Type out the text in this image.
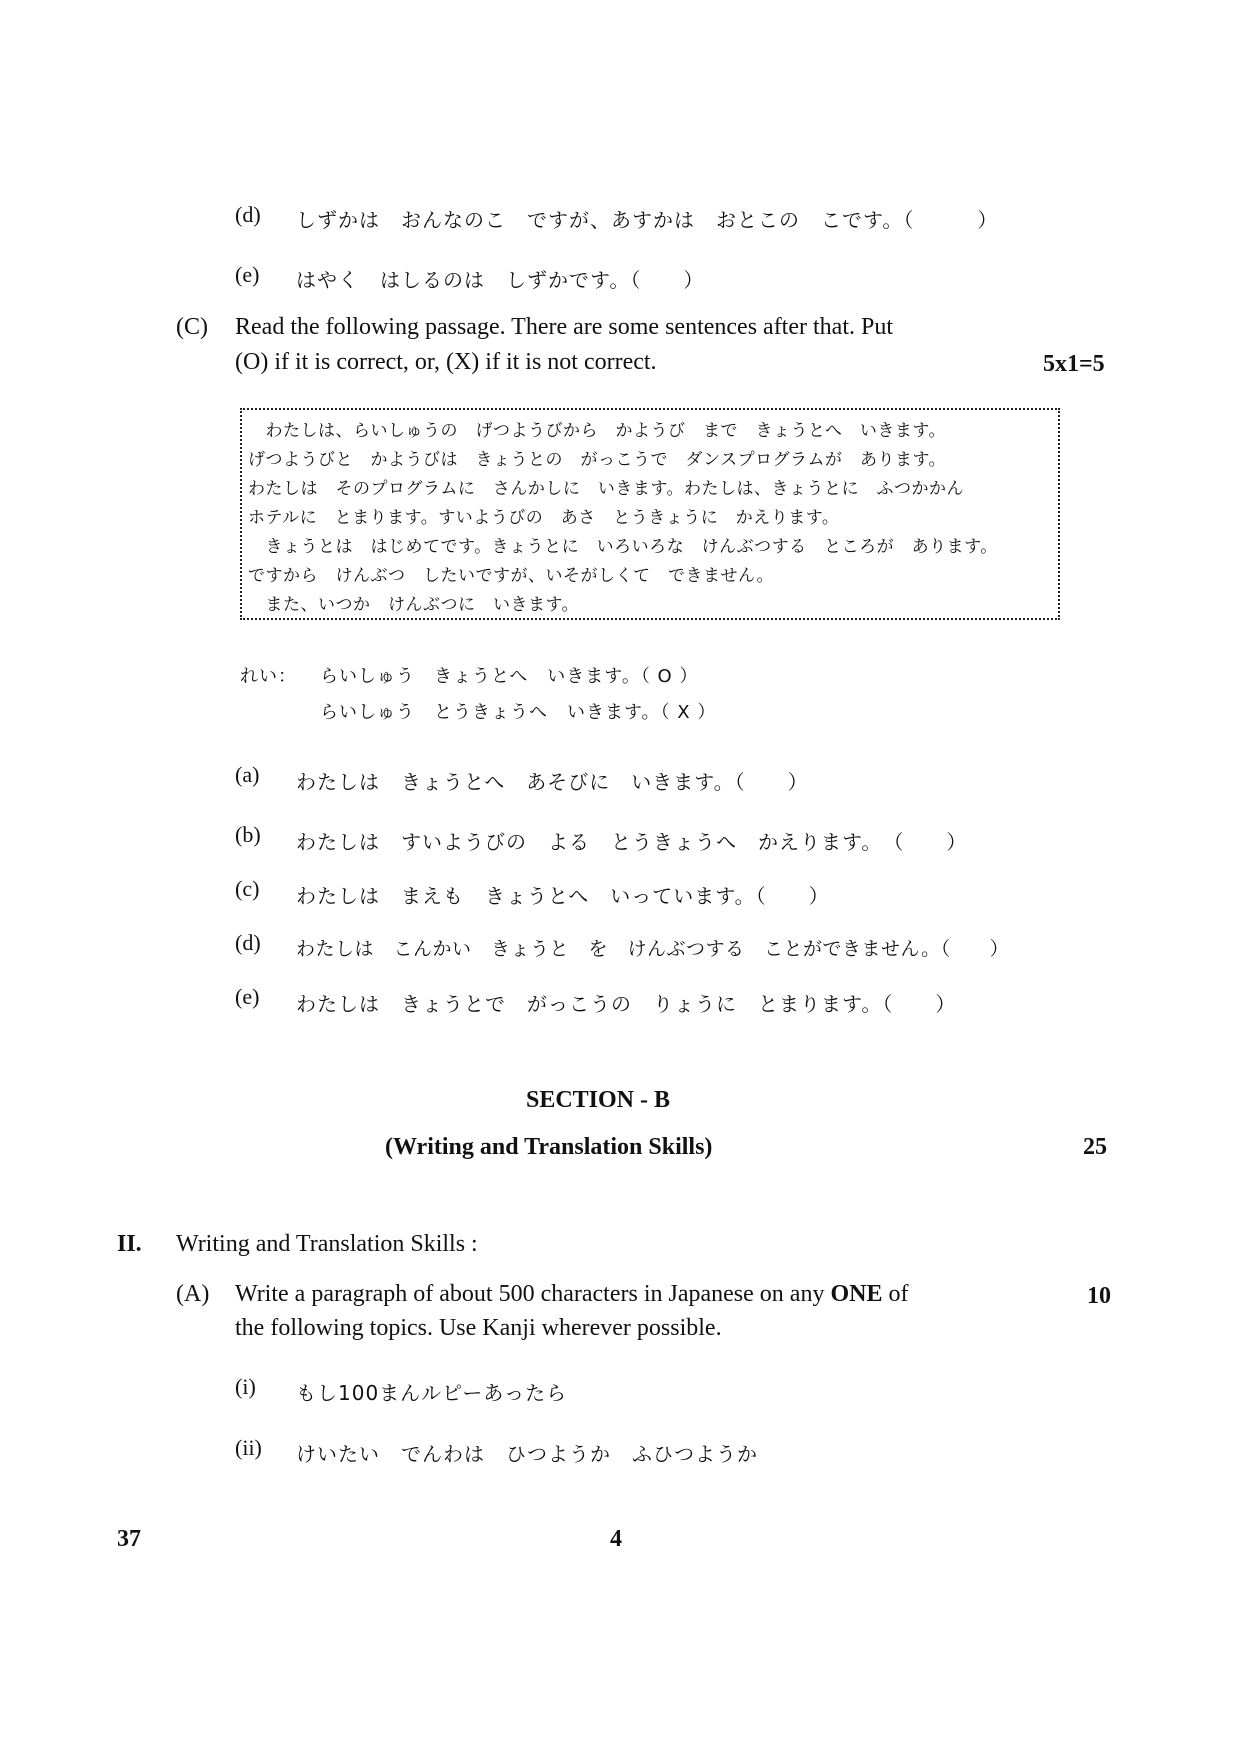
(d) しずかは　おんなのこ　ですが、あすかは　おとこの　こです。（　　　）
(e) はやく　はしるのは　しずかです。（　　）
(C) Read the following passage. There are some sentences after that. Put
(O) if it is correct, or, (X) if it is not correct.	5x1=5
　わたしは、らいしゅうの　げつようびから　かようび　まで　きょうとへ　いきます。
げつようびと　かようびは　きょうとの　がっこうで　ダンスプログラムが　あります。
わたしは　そのプログラムに　さんかしに　いきます。わたしは、きょうとに　ふつかかん
ホテルに　とまります。すいようびの　あさ　とうきょうに　かえります。
　きょうとは　はじめてです。きょうとに　いろいろな　けんぶつする　ところが　あります。
ですから　けんぶつ　したいですが、いそがしくて　できません。
　また、いつか　けんぶつに　いきます。
れい： らいしゅう　きょうとへ　いきます。（ O ）
らいしゅう　とうきょうへ　いきます。（ X ）
(a) わたしは　きょうとへ　あそびに　いきます。（　　）
(b) わたしは　すいようびの　よる　とうきょうへ　かえります。　（　　）
(c) わたしは　まえも　きょうとへ　いっています。（　　）
(d) わたしは　こんかい　きょうと　を　けんぶつする　ことができません。（　　）
(e) わたしは　きょうとで　がっこうの　りょうに　とまります。（　　）
SECTION - B
(Writing and Translation Skills)	25
II. Writing and Translation Skills :
(A) Write a paragraph of about 500 characters in Japanese on any ONE of
the following topics. Use Kanji wherever possible.
10
(i) もし100まんルピーあったら
(ii) けいたい　でんわは　ひつようか　ふひつようか
37	4
